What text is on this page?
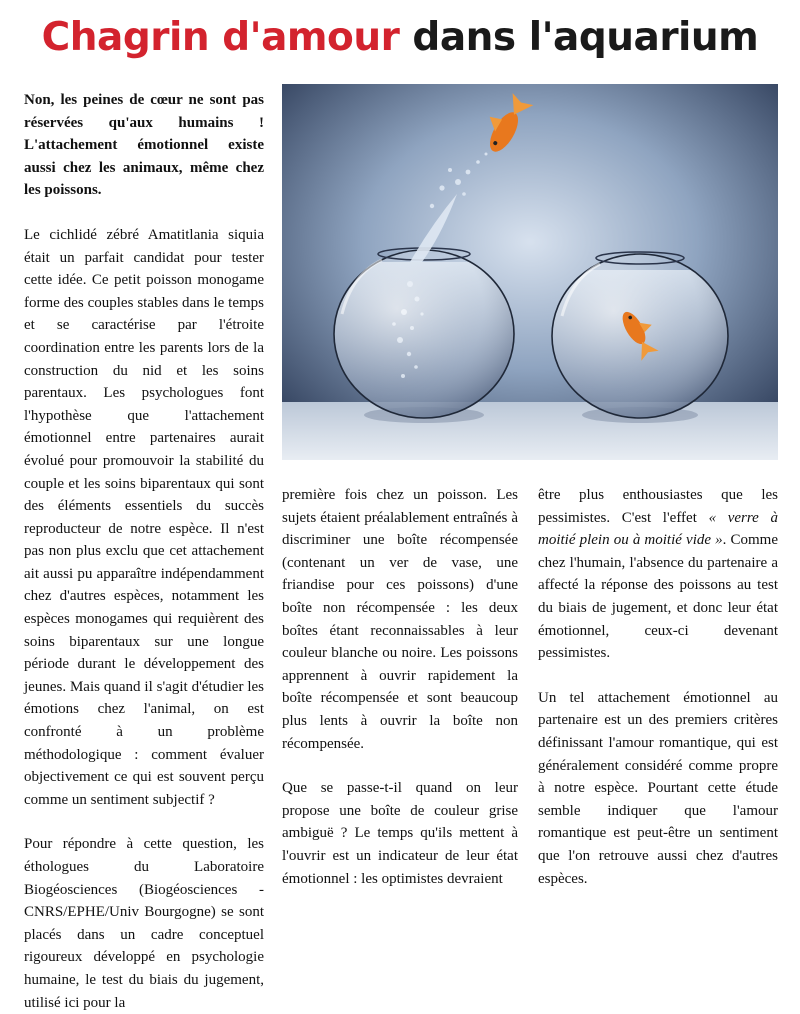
Chagrin d'amour dans l'aquarium

Non, les peines de cœur ne sont pas réservées qu'aux humains ! L'attachement émotionnel existe aussi chez les animaux, même chez les poissons.

Le cichlidé zébré Amatitlania siquia était un parfait candidat pour tester cette idée. Ce petit poisson monogame forme des couples stables dans le temps et se caractérise par l'étroite coordination entre les parents lors de la construction du nid et les soins parentaux. Les psychologues font l'hypothèse que l'attachement émotionnel entre partenaires aurait évolué pour promouvoir la stabilité du couple et les soins biparentaux qui sont des éléments essentiels du succès reproducteur de notre espèce. Il n'est pas non plus exclu que cet attachement ait aussi pu apparaître indépendamment chez d'autres espèces, notamment les espèces monogames qui requièrent des soins biparentaux sur une longue période durant le développement des jeunes. Mais quand il s'agit d'étudier les émotions chez l'animal, on est confronté à un problème méthodologique : comment évaluer objectivement ce qui est souvent perçu comme un sentiment subjectif ?

Pour répondre à cette question, les éthologues du Laboratoire Biogéosciences (Biogéosciences - CNRS/EPHE/Univ Bourgogne) se sont placés dans un cadre conceptuel rigoureux développé en psychologie humaine, le test du biais du jugement, utilisé ici pour la

première fois chez un poisson. Les sujets étaient préalablement entraînés à discriminer une boîte récompensée (contenant un ver de vase, une friandise pour ces poissons) d'une boîte non récompensée : les deux boîtes étant reconnaissables à leur couleur blanche ou noire. Les poissons apprennent à ouvrir rapidement la boîte récompensée et sont beaucoup plus lents à ouvrir la boîte non récompensée.

Que se passe-t-il quand on leur propose une boîte de couleur grise ambiguë ? Le temps qu'ils mettent à l'ouvrir est un indicateur de leur état émotionnel : les optimistes devraient

être plus enthousiastes que les pessimistes. C'est l'effet « verre à moitié plein ou à moitié vide ». Comme chez l'humain, l'absence du partenaire a affecté la réponse des poissons au test du biais de jugement, et donc leur état émotionnel, ceux-ci devenant pessimistes.

Un tel attachement émotionnel au partenaire est un des premiers critères définissant l'amour romantique, qui est généralement considéré comme propre à notre espèce. Pourtant cette étude semble indiquer que l'amour romantique est peut-être un sentiment que l'on retrouve aussi chez d'autres espèces.
